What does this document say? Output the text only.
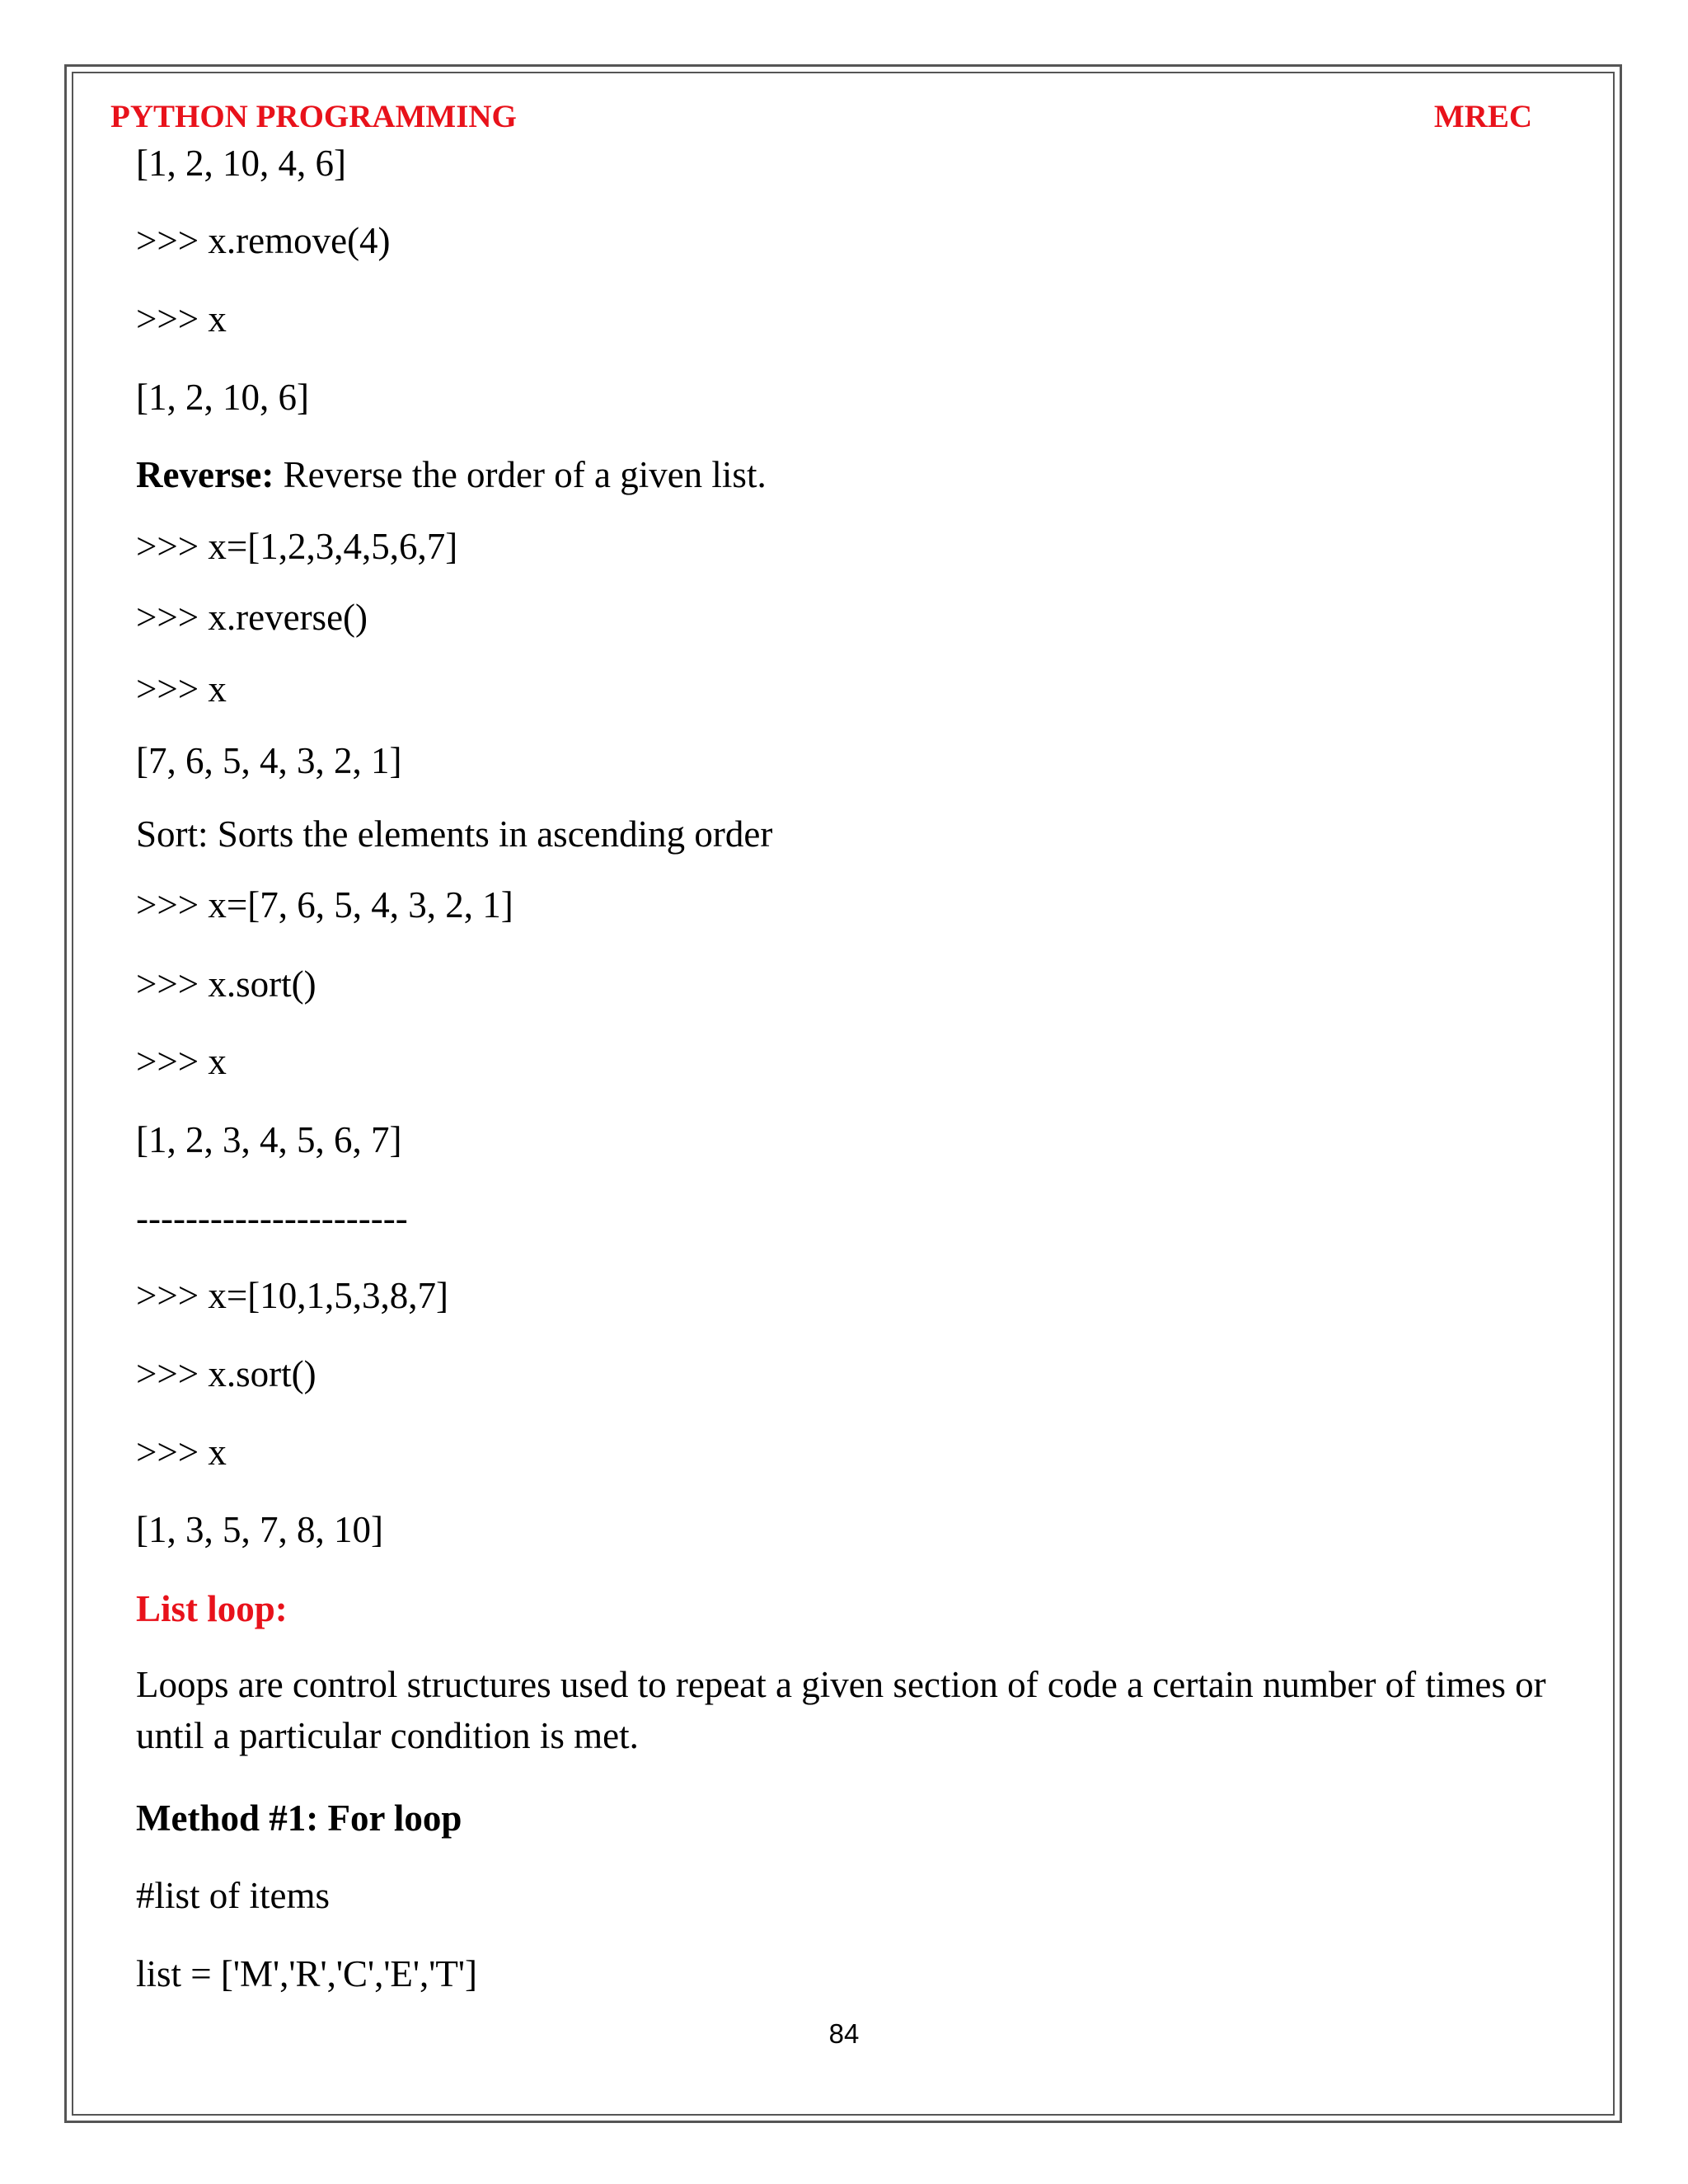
PYTHON PROGRAMMING	MREC
[1, 2, 10, 4, 6]
>>> x.remove(4)
>>> x
[1, 2, 10, 6]
Reverse: Reverse the order of a given list.
>>> x=[1,2,3,4,5,6,7]
>>> x.reverse()
>>> x
[7, 6, 5, 4, 3, 2, 1]
Sort: Sorts the elements in ascending order
>>> x=[7, 6, 5, 4, 3, 2, 1]
>>> x.sort()
>>> x
[1, 2, 3, 4, 5, 6, 7]
----------------------
>>> x=[10,1,5,3,8,7]
>>> x.sort()
>>> x
[1, 3, 5, 7, 8, 10]
List loop:
Loops are control structures used to repeat a given section of code a certain number of times or until a particular condition is met.
Method #1: For loop
#list of items
list = ['M','R','C','E','T']
84
